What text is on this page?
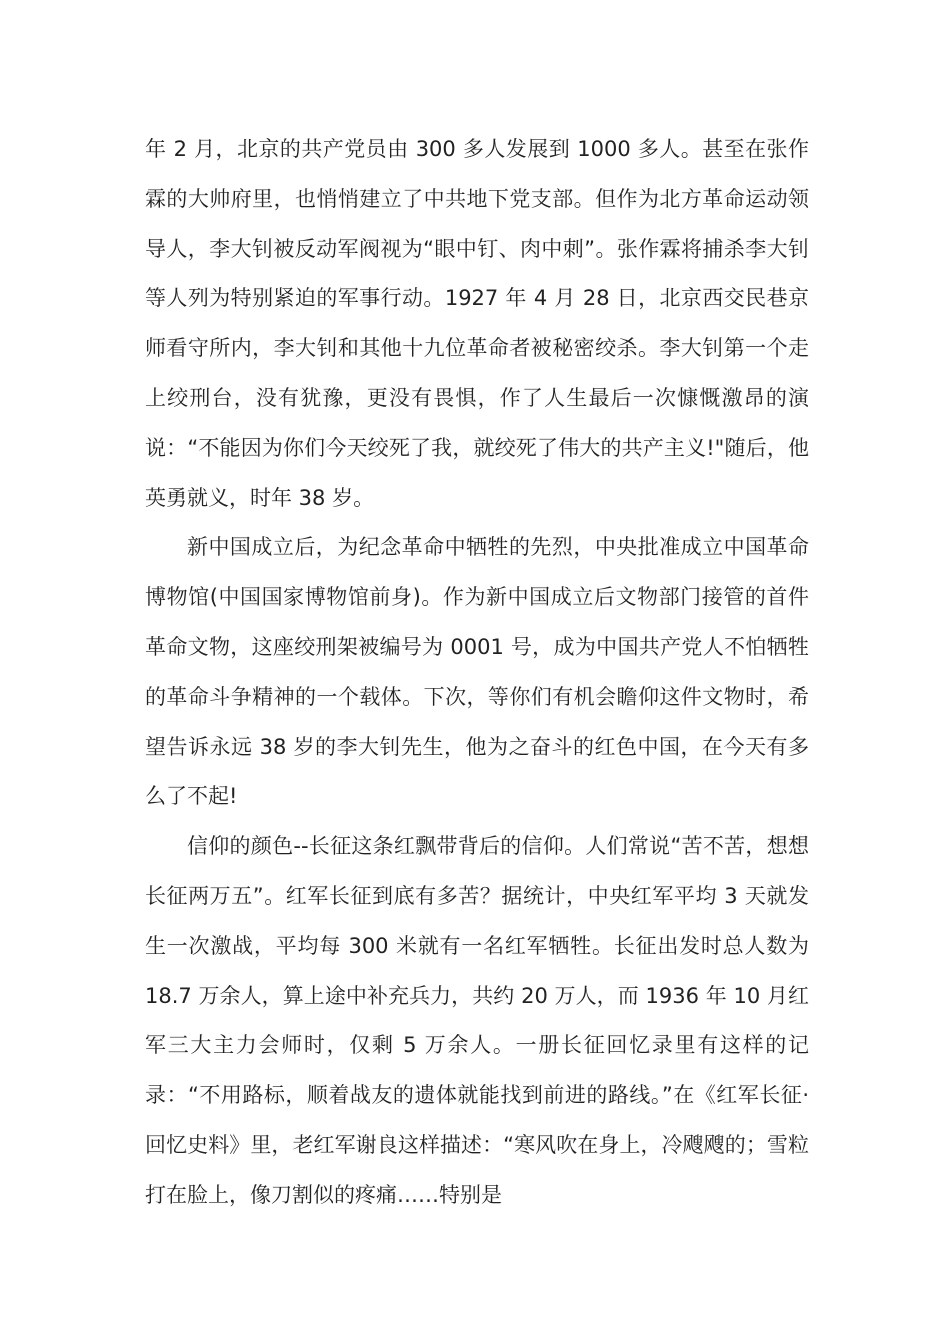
年 2 月，北京的共产党员由 300 多人发展到 1000 多人。甚至在张作霖的大帅府里，也悄悄建立了中共地下党支部。但作为北方革命运动领导人，李大钊被反动军阀视为“眼中钉、肉中刺”。张作霖将捕杀李大钊等人列为特别紧迫的军事行动。1927 年 4 月 28 日，北京西交民巷京师看守所内，李大钊和其他十九位革命者被秘密绞杀。李大钊第一个走上绞刑台，没有犹豫，更没有畏惧，作了人生最后一次慷慨激昂的演说：“不能因为你们今天绞死了我，就绞死了伟大的共产主义!"随后，他英勇就义，时年 38 岁。

新中国成立后，为纪念革命中牺牲的先烈，中央批准成立中国革命博物馆(中国国家博物馆前身)。作为新中国成立后文物部门接管的首件革命文物，这座绞刑架被编号为 0001 号，成为中国共产党人不怕牺牲的革命斗争精神的一个载体。下次，等你们有机会瞻仰这件文物时，希望告诉永远 38 岁的李大钊先生，他为之奋斗的红色中国，在今天有多么了不起!

信仰的颜色--长征这条红飘带背后的信仰。人们常说“苦不苦，想想长征两万五”。红军长征到底有多苦？据统计，中央红军平均 3 天就发生一次激战，平均每 300 米就有一名红军牺牲。长征出发时总人数为 18.7 万余人，算上途中补充兵力，共约 20 万人，而 1936 年 10 月红军三大主力会师时，仅剩 5 万余人。一册长征回忆录里有这样的记录：“不用路标，顺着战友的遗体就能找到前进的路线。”在《红军长征·回忆史料》里，老红军谢良这样描述：“寒风吹在身上，冷飕飕的；雪粒打在脸上，像刀割似的疼痛……特别是
